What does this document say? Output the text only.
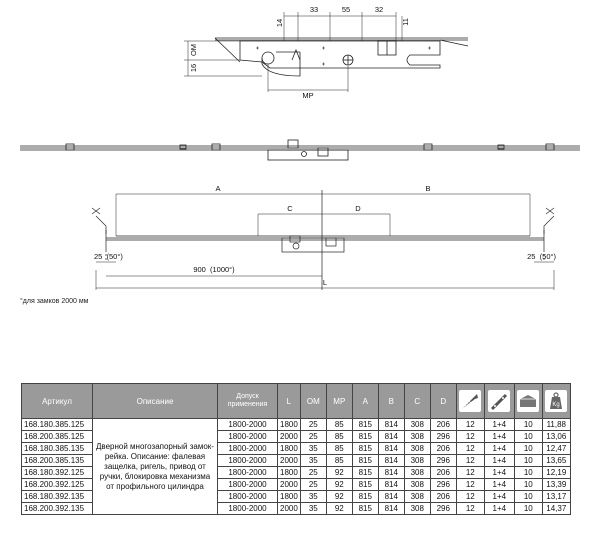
14
33	55	32
11
OM
16
MP
A	B
C	D
25  (50°)	25  (50°)
900  (1000°)
L
°для замков 2000 мм
Артикул	Описание	Допуск применения	L	OM	MP	A	B	C	D				Kg

168.180.385.125	Дверной многозапорный замок-рейка. Описание: фалевая защелка, ригель, привод от ручки, блокировка механизма от профильного цилиндра	1800-2000	1800	25	85	815	814	308	206	12	1+4	10	11,88
168.200.385.125		1800-2000	2000	25	85	815	814	308	296	12	1+4	10	13,06
168.180.385.135		1800-2000	1800	35	85	815	814	308	206	12	1+4	10	12,47
168.200.385.135		1800-2000	2000	35	85	815	814	308	296	12	1+4	10	13,65
168.180.392.125		1800-2000	1800	25	92	815	814	308	206	12	1+4	10	12,19
168.200.392.125		1800-2000	2000	25	92	815	814	308	296	12	1+4	10	13,39
168.180.392.135		1800-2000	1800	35	92	815	814	308	206	12	1+4	10	13,17
168.200.392.135		1800-2000	2000	35	92	815	814	308	296	12	1+4	10	14,37
